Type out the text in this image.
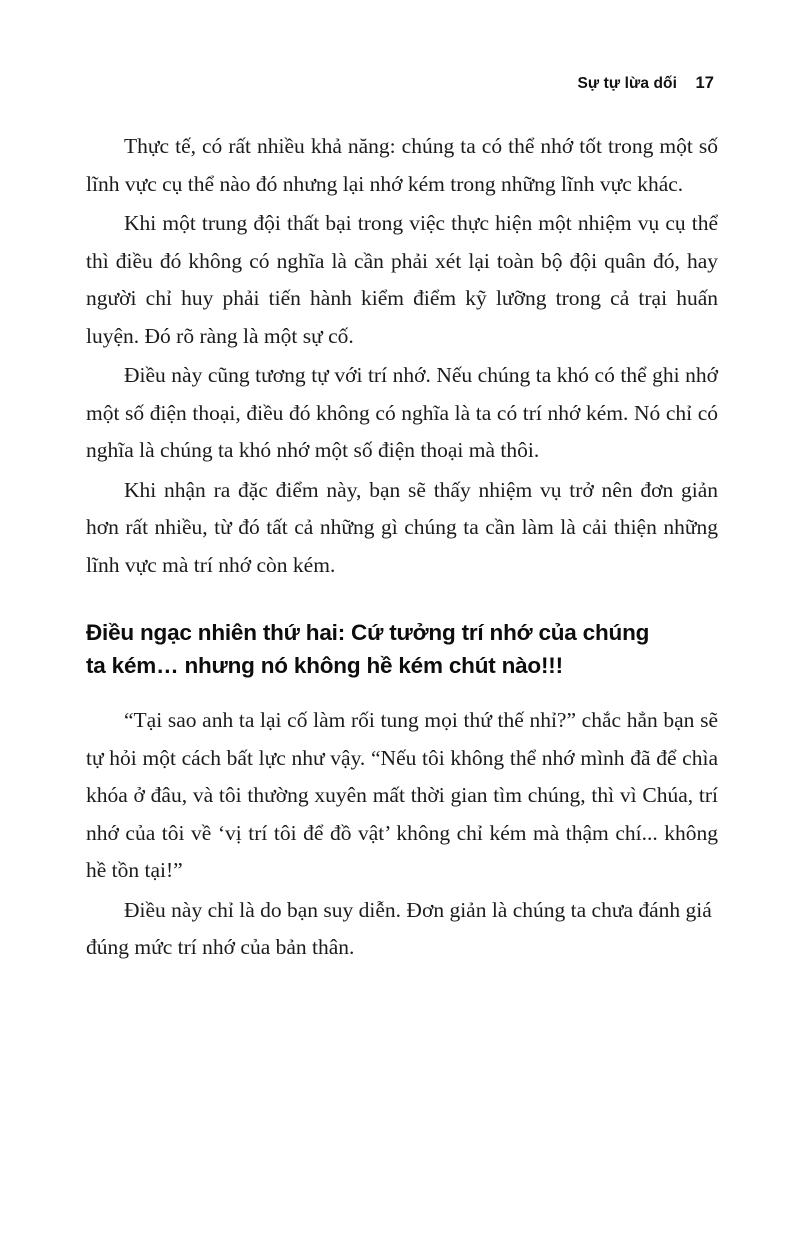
Sự tự lừa dối 17

Thực tế, có rất nhiều khả năng: chúng ta có thể nhớ tốt trong một số lĩnh vực cụ thể nào đó nhưng lại nhớ kém trong những lĩnh vực khác.

Khi một trung đội thất bại trong việc thực hiện một nhiệm vụ cụ thể thì điều đó không có nghĩa là cần phải xét lại toàn bộ đội quân đó, hay người chỉ huy phải tiến hành kiểm điểm kỹ lưỡng trong cả trại huấn luyện. Đó rõ ràng là một sự cố.

Điều này cũng tương tự với trí nhớ. Nếu chúng ta khó có thể ghi nhớ một số điện thoại, điều đó không có nghĩa là ta có trí nhớ kém. Nó chỉ có nghĩa là chúng ta khó nhớ một số điện thoại mà thôi.

Khi nhận ra đặc điểm này, bạn sẽ thấy nhiệm vụ trở nên đơn giản hơn rất nhiều, từ đó tất cả những gì chúng ta cần làm là cải thiện những lĩnh vực mà trí nhớ còn kém.

Điều ngạc nhiên thứ hai: Cứ tưởng trí nhớ của chúng
ta kém… nhưng nó không hề kém chút nào!!!

“Tại sao anh ta lại cố làm rối tung mọi thứ thế nhỉ?” chắc hẳn bạn sẽ tự hỏi một cách bất lực như vậy. “Nếu tôi không thể nhớ mình đã để chìa khóa ở đâu, và tôi thường xuyên mất thời gian tìm chúng, thì vì Chúa, trí nhớ của tôi về ‘vị trí tôi để đồ vật’ không chỉ kém mà thậm chí... không hề tồn tại!”

Điều này chỉ là do bạn suy diễn. Đơn giản là chúng ta chưa đánh giá đúng mức trí nhớ của bản thân.
